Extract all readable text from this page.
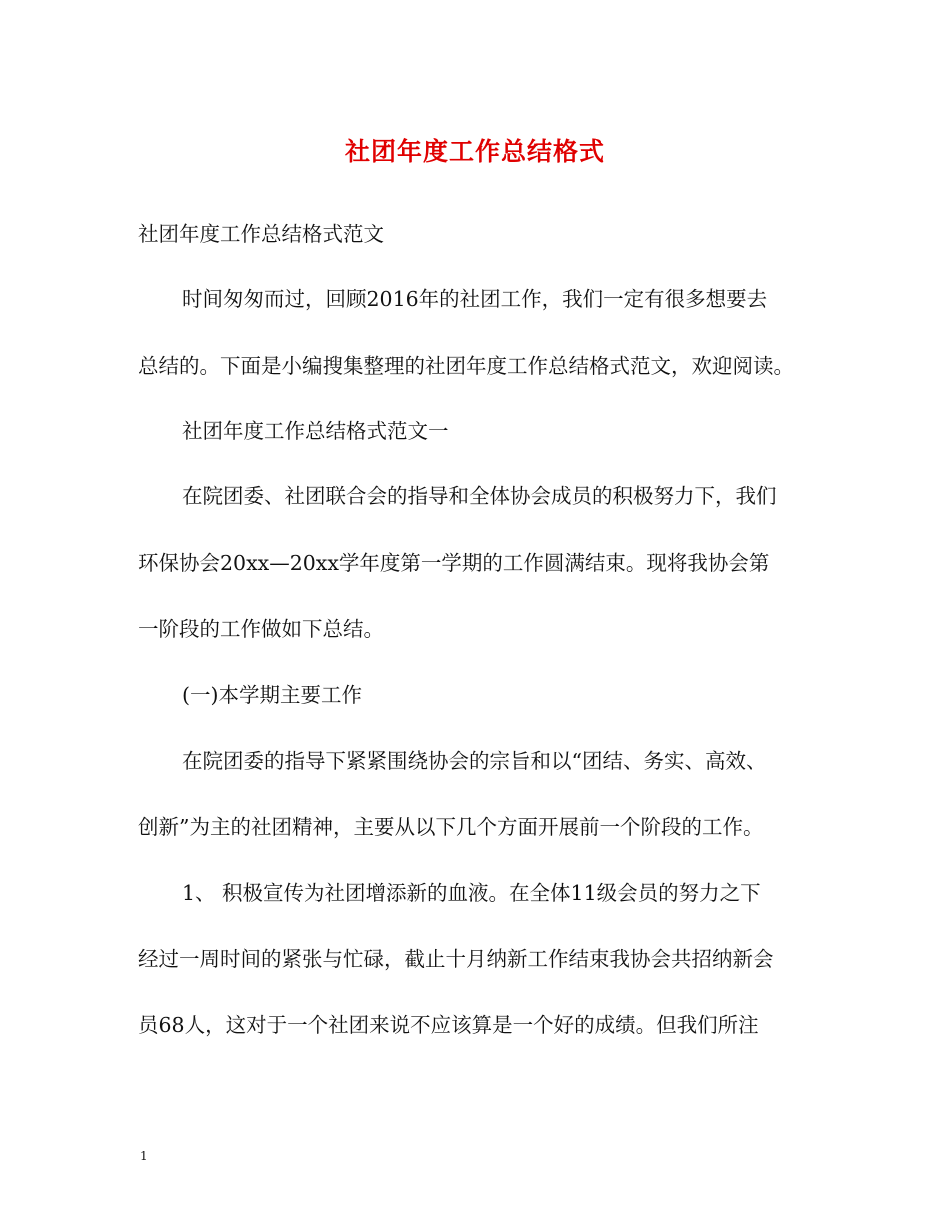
社团年度工作总结格式
社团年度工作总结格式范文
时间匆匆而过，回顾2016年的社团工作，我们一定有很多想要去
总结的。下面是小编搜集整理的社团年度工作总结格式范文，欢迎阅读。
社团年度工作总结格式范文一
在院团委、社团联合会的指导和全体协会成员的积极努力下，我们
环保协会20xx—20xx学年度第一学期的工作圆满结束。现将我协会第
一阶段的工作做如下总结。
(一)本学期主要工作
在院团委的指导下紧紧围绕协会的宗旨和以“团结、务实、高效、
创新”为主的社团精神，主要从以下几个方面开展前一个阶段的工作。
1、 积极宣传为社团增添新的血液。在全体11级会员的努力之下
经过一周时间的紧张与忙碌，截止十月纳新工作结束我协会共招纳新会
员68人，这对于一个社团来说不应该算是一个好的成绩。但我们所注
1
